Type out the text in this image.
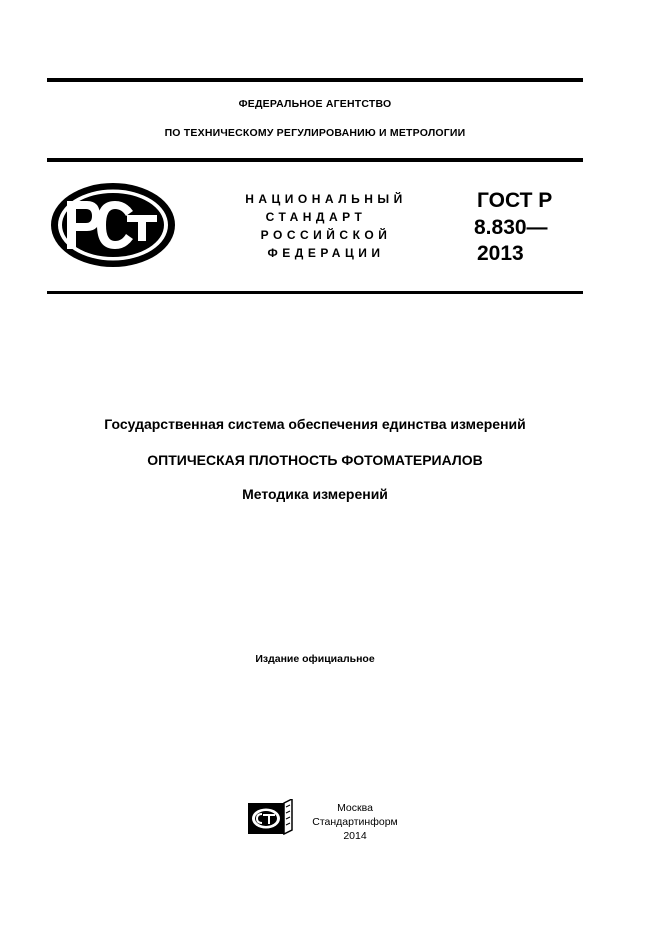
ФЕДЕРАЛЬНОЕ АГЕНТСТВО
ПО ТЕХНИЧЕСКОМУ РЕГУЛИРОВАНИЮ И МЕТРОЛОГИИ
НАЦИОНАЛЬНЫЙ
СТАНДАРТ
РОССИЙСКОЙ
ФЕДЕРАЦИИ
ГОСТ Р
8.830—
2013
Государственная система обеспечения единства измерений
ОПТИЧЕСКАЯ ПЛОТНОСТЬ ФОТОМАТЕРИАЛОВ
Методика измерений
Издание официальное
Москва
Стандартинформ
2014
